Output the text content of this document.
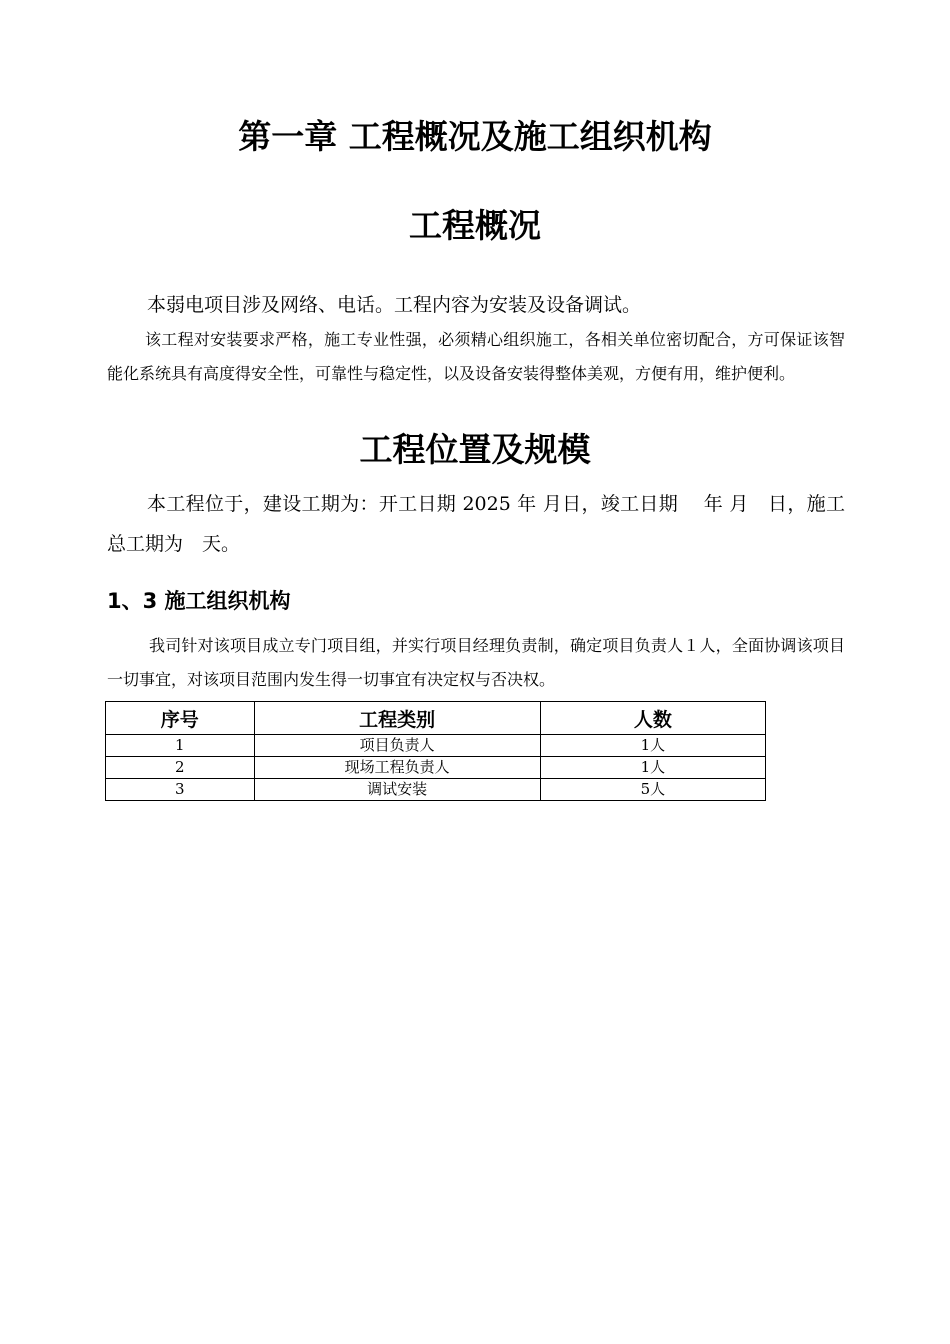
第一章 工程概况及施工组织机构
工程概况

本弱电项目涉及网络、电话。工程内容为安装及设备调试。

该工程对安装要求严格，施工专业性强，必须精心组织施工，各相关单位密切配合，方可保证该智能化系统具有高度得安全性，可靠性与稳定性，以及设备安装得整体美观，方便有用，维护便利。

工程位置及规模

本工程位于，建设工期为：开工日期 2025 年 月日，竣工日期　 年 月　日，施工总工期为　天。

1、3 施工组织机构

我司针对该项目成立专门项目组，并实行项目经理负责制，确定项目负责人１人，全面协调该项目一切事宜，对该项目范围内发生得一切事宜有决定权与否决权。

序号	工程类别	人数
1	项目负责人	1人
2	现场工程负责人	1人
3	调试安装	5人
